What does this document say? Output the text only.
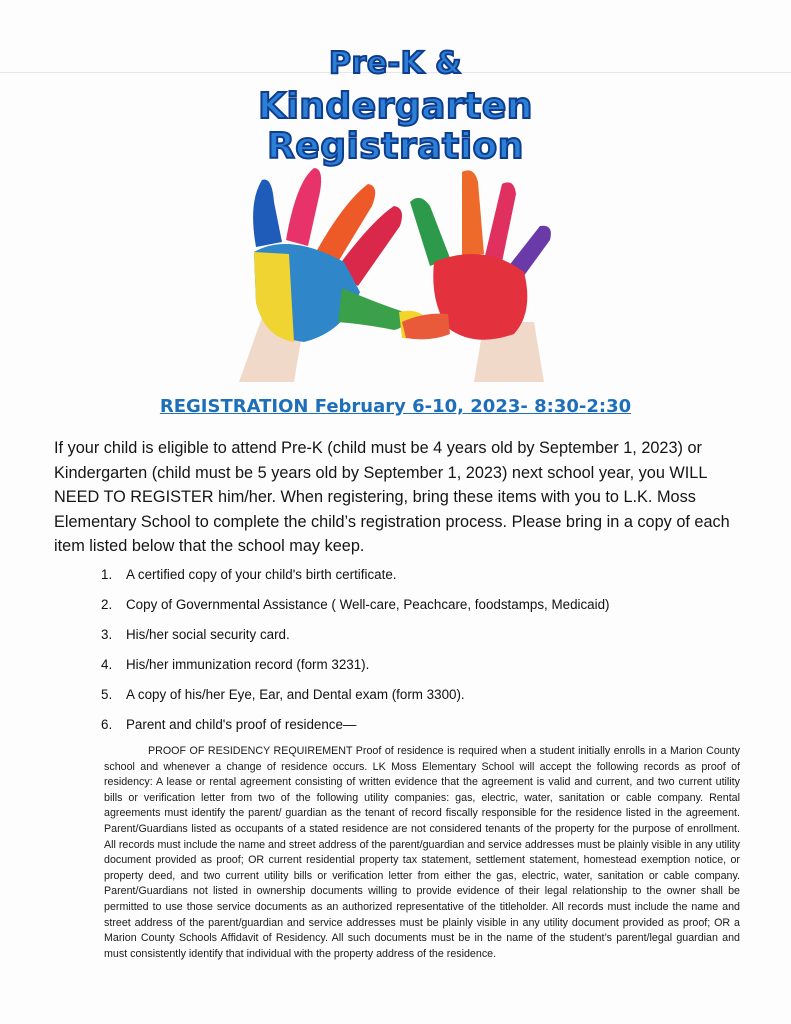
Pre-K &
Kindergarten
Registration
REGISTRATION February 6-10, 2023- 8:30-2:30
If your child is eligible to attend Pre-K (child must be 4 years old by September 1, 2023) or Kindergarten (child must be 5 years old by September 1, 2023) next school year, you WILL NEED TO REGISTER him/her. When registering, bring these items with you to L.K. Moss Elementary School to complete the child’s registration process. Please bring in a copy of each item listed below that the school may keep.
1.	A certified copy of your child's birth certificate.
2.	Copy of Governmental Assistance ( Well-care, Peachcare, foodstamps, Medicaid)
3.	His/her social security card.
4.	His/her immunization record (form 3231).
5.	A copy of his/her Eye, Ear, and Dental exam (form 3300).
6.	Parent and child's proof of residence—
PROOF OF RESIDENCY REQUIREMENT Proof of residence is required when a student initially enrolls in a Marion County school and whenever a change of residence occurs. LK Moss Elementary School will accept the following records as proof of residency: A lease or rental agreement consisting of written evidence that the agreement is valid and current, and two current utility bills or verification letter from two of the following utility companies: gas, electric, water, sanitation or cable company. Rental agreements must identify the parent/ guardian as the tenant of record fiscally responsible for the residence listed in the agreement. Parent/Guardians listed as occupants of a stated residence are not considered tenants of the property for the purpose of enrollment. All records must include the name and street address of the parent/guardian and service addresses must be plainly visible in any utility document provided as proof; OR current residential property tax statement, settlement statement, homestead exemption notice, or property deed, and two current utility bills or verification letter from either the gas, electric, water, sanitation or cable company. Parent/Guardians not listed in ownership documents willing to provide evidence of their legal relationship to the owner shall be permitted to use those service documents as an authorized representative of the titleholder. All records must include the name and street address of the parent/guardian and service addresses must be plainly visible in any utility document provided as proof; OR a Marion County Schools Affidavit of Residency. All such documents must be in the name of the student’s parent/legal guardian and must consistently identify that individual with the property address of the residence.
